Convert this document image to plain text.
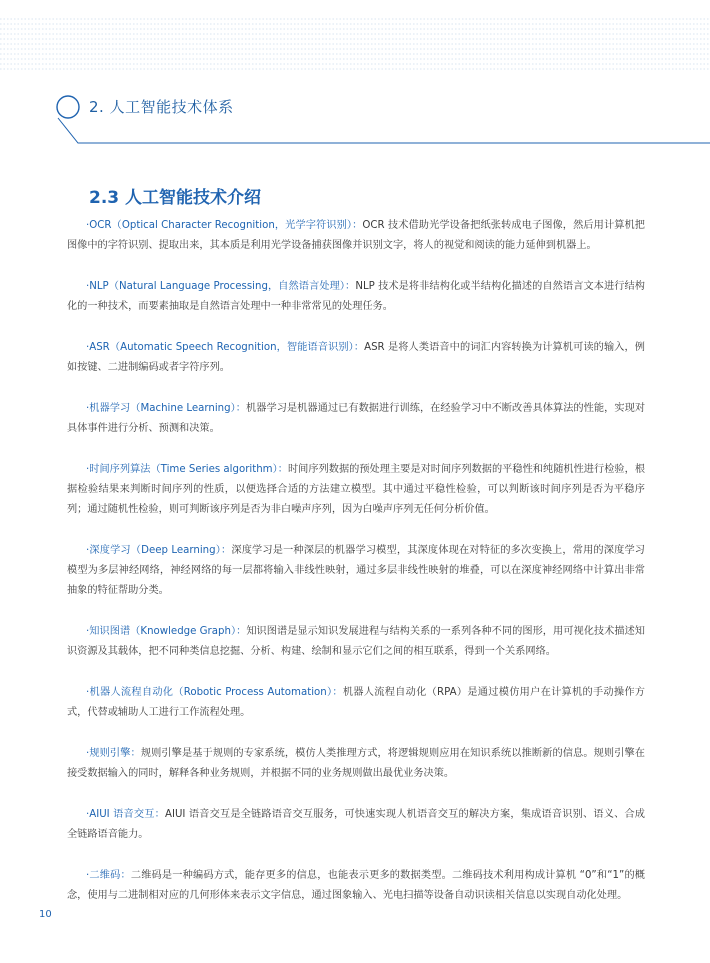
2. 人工智能技术体系
2.3 人工智能技术介绍

·OCR（Optical Character Recognition，光学字符识别）：OCR 技术借助光学设备把纸张转成电子图像，然后用计算机把图像中的字符识别、提取出来，其本质是利用光学设备捕获图像并识别文字，将人的视觉和阅读的能力延伸到机器上。

·NLP（Natural Language Processing，自然语言处理）：NLP 技术是将非结构化或半结构化描述的自然语言文本进行结构化的一种技术，而要素抽取是自然语言处理中一种非常常见的处理任务。

·ASR（Automatic Speech Recognition，智能语音识别）：ASR 是将人类语音中的词汇内容转换为计算机可读的输入，例如按键、二进制编码或者字符序列。

·机器学习（Machine Learning）：机器学习是机器通过已有数据进行训练，在经验学习中不断改善具体算法的性能，实现对具体事件进行分析、预测和决策。

·时间序列算法（Time Series algorithm）：时间序列数据的预处理主要是对时间序列数据的平稳性和纯随机性进行检验，根据检验结果来判断时间序列的性质，以便选择合适的方法建立模型。其中通过平稳性检验，可以判断该时间序列是否为平稳序列；通过随机性检验，则可判断该序列是否为非白噪声序列，因为白噪声序列无任何分析价值。

·深度学习（Deep Learning）：深度学习是一种深层的机器学习模型，其深度体现在对特征的多次变换上，常用的深度学习模型为多层神经网络，神经网络的每一层都将输入非线性映射，通过多层非线性映射的堆叠，可以在深度神经网络中计算出非常抽象的特征帮助分类。

·知识图谱（Knowledge Graph）：知识图谱是显示知识发展进程与结构关系的一系列各种不同的图形，用可视化技术描述知识资源及其载体，把不同种类信息挖掘、分析、构建、绘制和显示它们之间的相互联系，得到一个关系网络。

·机器人流程自动化（Robotic Process Automation）：机器人流程自动化（RPA）是通过模仿用户在计算机的手动操作方式，代替或辅助人工进行工作流程处理。

·规则引擎：规则引擎是基于规则的专家系统，模仿人类推理方式，将逻辑规则应用在知识系统以推断新的信息。规则引擎在接受数据输入的同时，解释各种业务规则，并根据不同的业务规则做出最优业务决策。

·AIUI 语音交互：AIUI 语音交互是全链路语音交互服务，可快速实现人机语音交互的解决方案，集成语音识别、语义、合成全链路语音能力。

·二维码：二维码是一种编码方式，能存更多的信息，也能表示更多的数据类型。二维码技术利用构成计算机 “0”和“1”的概念，使用与二进制相对应的几何形体来表示文字信息，通过图象输入、光电扫描等设备自动识读相关信息以实现自动化处理。

10
